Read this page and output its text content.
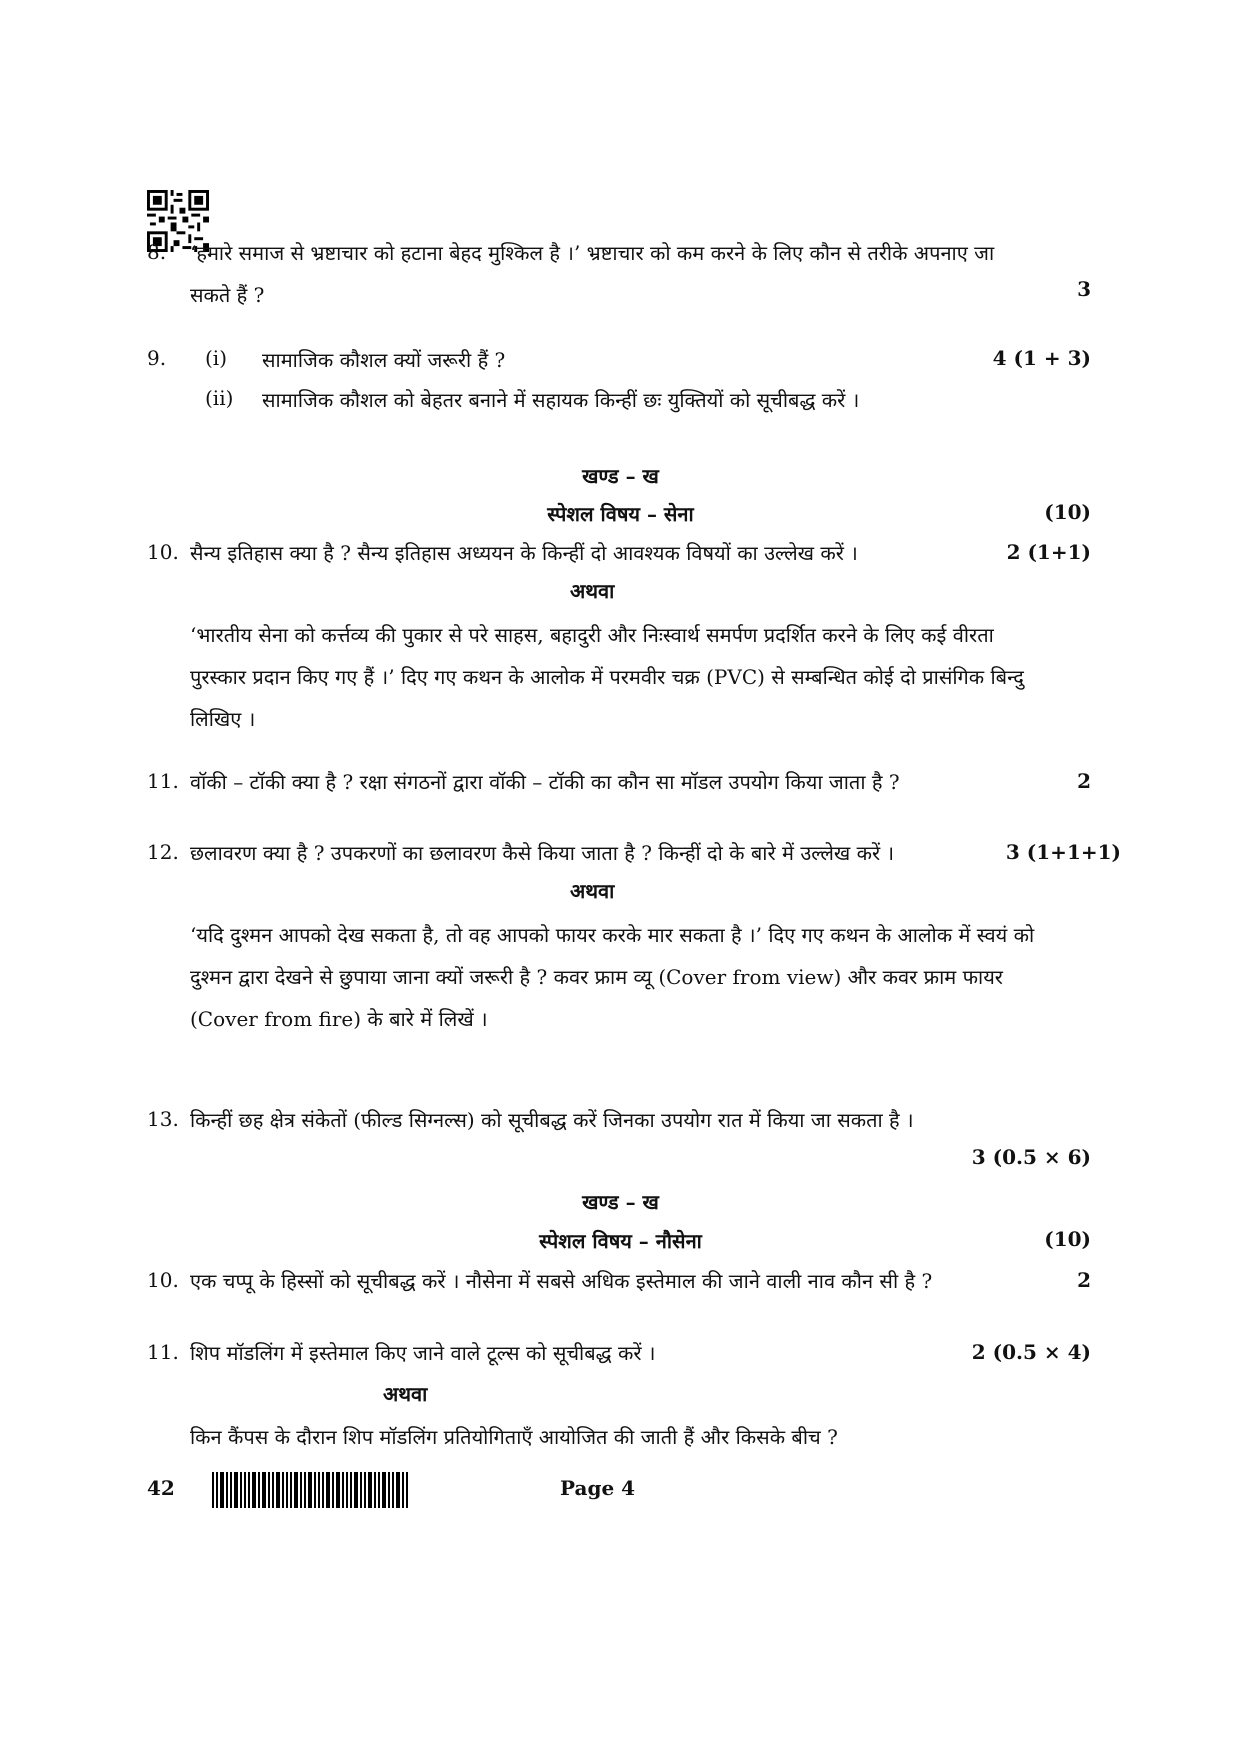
8.	‘हमारे समाज से भ्रष्टाचार को हटाना बेहद मुश्किल है ।’ भ्रष्टाचार को कम करने के लिए कौन से तरीके अपनाए जा सकते हैं ?	3
9.	(i) सामाजिक कौशल क्यों जरूरी हैं ?	4 (1 + 3)
(ii) सामाजिक कौशल को बेहतर बनाने में सहायक किन्हीं छः युक्तियों को सूचीबद्ध करें ।
खण्ड – ख
स्पेशल विषय – सेना	(10)
10. सैन्य इतिहास क्या है ? सैन्य इतिहास अध्ययन के किन्हीं दो आवश्यक विषयों का उल्लेख करें ।	2 (1+1)
अथवा
‘भारतीय सेना को कर्त्तव्य की पुकार से परे साहस, बहादुरी और निःस्वार्थ समर्पण प्रदर्शित करने के लिए कई वीरता पुरस्कार प्रदान किए गए हैं ।’ दिए गए कथन के आलोक में परमवीर चक्र (PVC) से सम्बन्धित कोई दो प्रासंगिक बिन्दु लिखिए ।
11. वॉकी – टॉकी क्या है ? रक्षा संगठनों द्वारा वॉकी – टॉकी का कौन सा मॉडल उपयोग किया जाता है ?	2
12. छलावरण क्या है ? उपकरणों का छलावरण कैसे किया जाता है ? किन्हीं दो के बारे में उल्लेख करें ।	3 (1+1+1)
अथवा
‘यदि दुश्मन आपको देख सकता है, तो वह आपको फायर करके मार सकता है ।’ दिए गए कथन के आलोक में स्वयं को दुश्मन द्वारा देखने से छुपाया जाना क्यों जरूरी है ? कवर फ्राम व्यू (Cover from view) और कवर फ्राम फायर (Cover from fire) के बारे में लिखें ।
13. किन्हीं छह क्षेत्र संकेतों (फील्ड सिग्नल्स) को सूचीबद्ध करें जिनका उपयोग रात में किया जा सकता है ।
3 (0.5 × 6)
खण्ड – ख
स्पेशल विषय – नौसेना	(10)
10. एक चप्पू के हिस्सों को सूचीबद्ध करें । नौसेना में सबसे अधिक इस्तेमाल की जाने वाली नाव कौन सी है ?	2
11. शिप मॉडलिंग में इस्तेमाल किए जाने वाले टूल्स को सूचीबद्ध करें ।	2 (0.5 × 4)
अथवा
किन कैंपस के दौरान शिप मॉडलिंग प्रतियोगिताएँ आयोजित की जाती हैं और किसके बीच ?
42	Page 4
